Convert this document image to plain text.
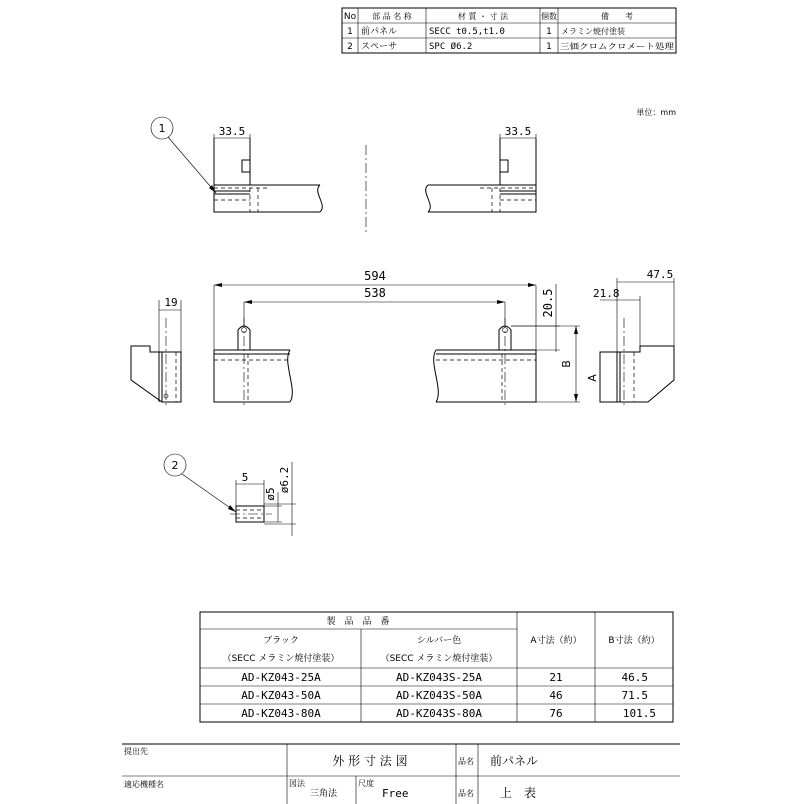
No 部 品 名 称	材 質 ・ 寸 法	個数	備　　考
1 前パネル	SECC t0.5,t1.0	1 メラミン焼付塗装
2 スペーサ	SPC Ø6.2	1 三価クロムクロメート処理
単位：mm
1	33.5	33.5
594
538	20.5
B
A
19
47.5
21.8
2
5
ø5
ø6.2
製　品　品　番
ブラック
（SECC メラミン焼付塗装）
シルバー色
（SECC メラミン焼付塗装）
A寸法（約）	B寸法（約）
AD-KZ043-25A	AD-KZ043S-25A	21	46.5
AD-KZ043-50A	AD-KZ043S-50A	46	71.5
AD-KZ043-80A	AD-KZ043S-80A	76	101.5
提出先
外 形 寸 法 図	品名 前パネル
適応機種名	図法
三角法
尺度
Free	品名 上　表
